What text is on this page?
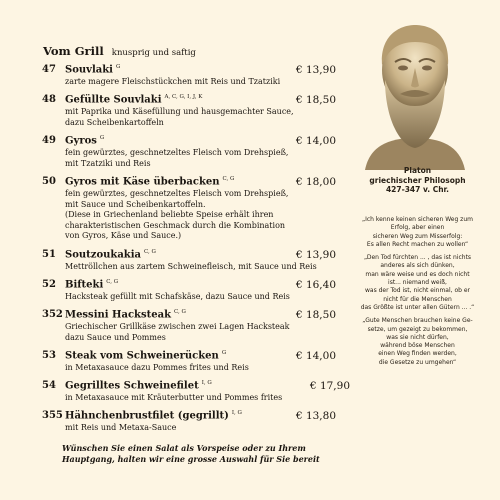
Vom Grill knusprig und saftig
47 Souvlaki $^G$	€ 13,90
zarte magere Fleischstückchen mit Reis und Tzatziki
48 Gefüllte Souvlaki $^{A, C, G, I, J, K}$	€ 18,50
mit Paprika und Käsefüllung und hausgemachter Sauce,
dazu Scheibenkartoffeln
49 Gyros $^G$	€ 14,00
fein gewürztes, geschnetzeltes Fleisch vom Drehspieß,
mit Tzatziki und Reis
50 Gyros mit Käse überbacken $^{C, G}$	€ 18,00
fein gewürztes, geschnetzeltes Fleisch vom Drehspieß,
mit Sauce und Scheibenkartoffeln.
(Diese in Griechenland beliebte Speise erhält ihren
charakteristischen Geschmack durch die Kombination
von Gyros, Käse und Sauce.)
51 Soutzoukakia $^{C, G}$	€ 13,90
Mettröllchen aus zartem Schweinefleisch, mit Sauce und Reis
52 Bifteki $^{C, G}$	€ 16,40
Hacksteak gefüllt mit Schafskäse, dazu Sauce und Reis
352 Messini Hacksteak $^{C, G}$	€ 18,50
Griechischer Grillkäse zwischen zwei Lagen Hacksteak
dazu Sauce und Pommes
53 Steak vom Schweinerücken $^G$	€ 14,00
in Metaxasauce dazu Pommes frites und Reis
54 Gegrilltes Schweinefilet $^{I, G}$	€ 17,90
in Metaxasauce mit Kräuterbutter und Pommes frites
355 Hähnchenbrustfilet (gegrillt) $^{I, G}$	€ 13,80
mit Reis und Metaxa-Sauce
Wünschen Sie einen Salat als Vorspeise oder zu Ihrem
Hauptgang, halten wir eine grosse Auswahl für Sie bereit
Platon
griechischer Philosoph
427-347 v. Chr.
„Ich kenne keinen sicheren Weg zum
Erfolg, aber einen
sicheren Weg zum Misserfolg:
Es allen Recht machen zu wollen“
„Den Tod fürchten ... , das ist nichts
anderes als sich dünken,
man wäre weise und es doch nicht
ist... niemand weiß,
was der Tod ist, nicht einmal, ob er
nicht für die Menschen
das Größte ist unter allen Gütern ... .“
„Gute Menschen brauchen keine Ge-
setze, um gezeigt zu bekommen,
was sie nicht dürfen,
während böse Menschen
einen Weg finden werden,
die Gesetze zu umgehen“
